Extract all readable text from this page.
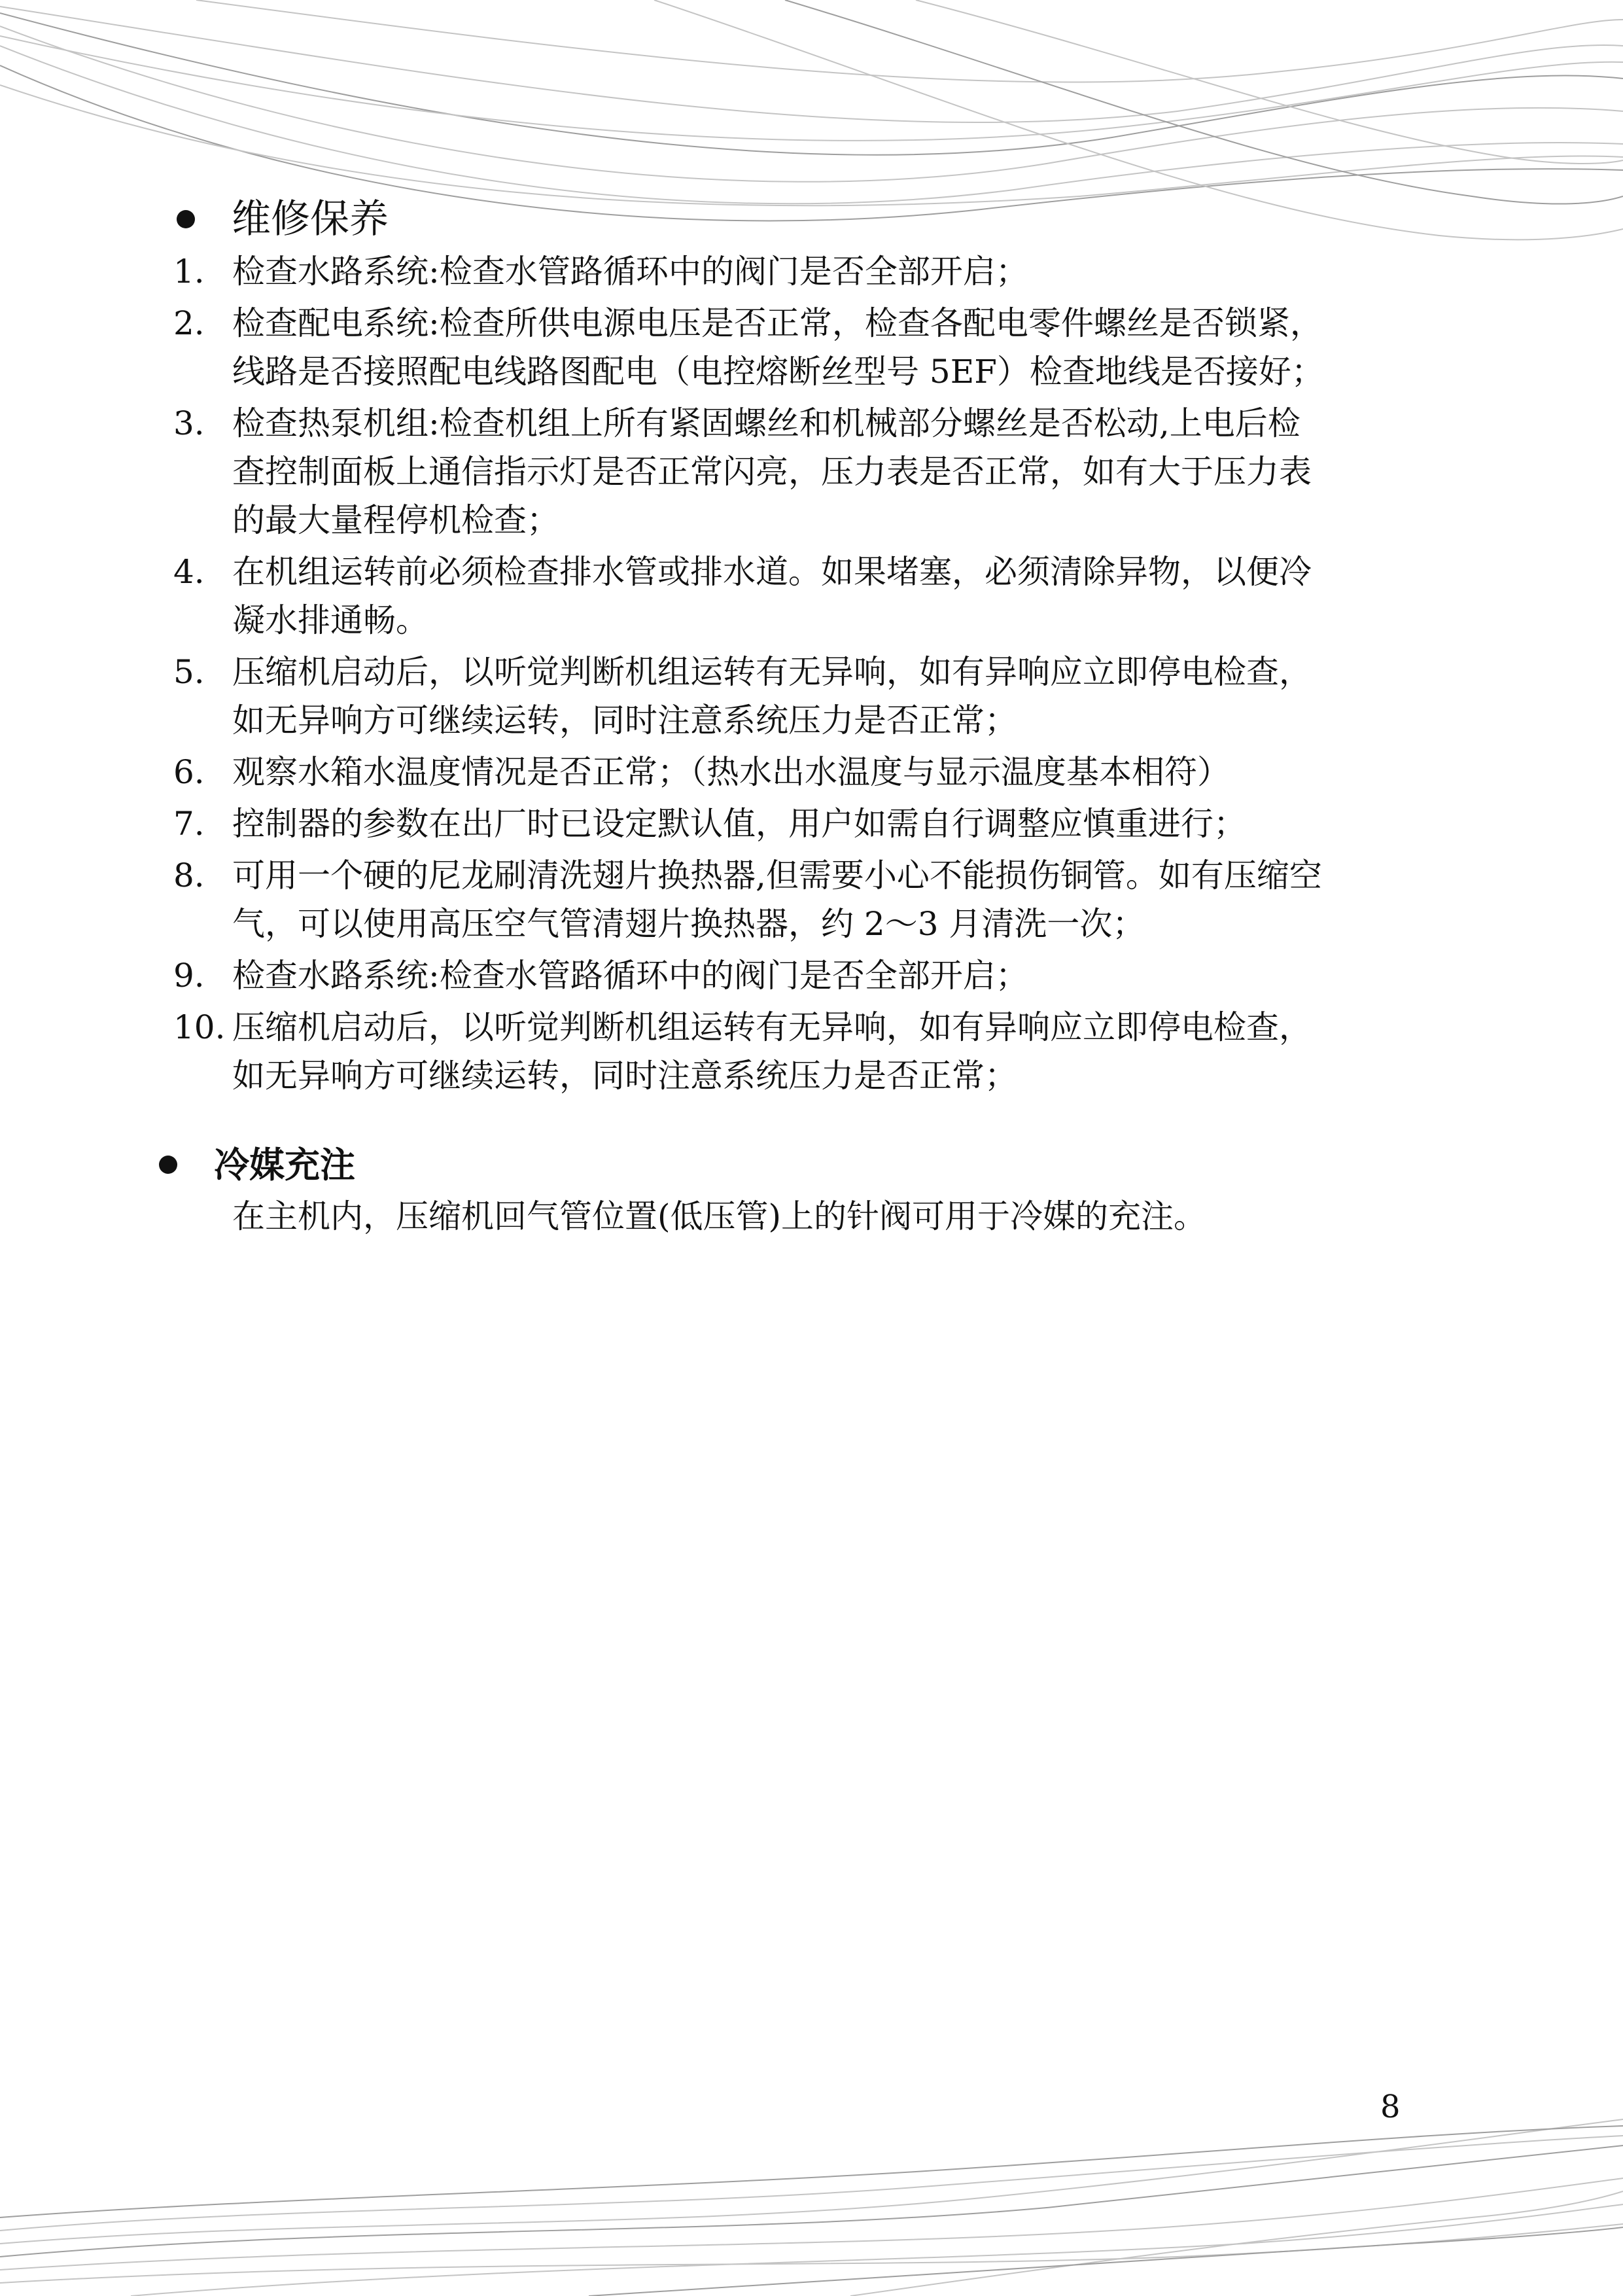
维修保养
1. 检查水路系统:检查水管路循环中的阀门是否全部开启；
2. 检查配电系统:检查所供电源电压是否正常，检查各配电零件螺丝是否锁紧，
线路是否接照配电线路图配电（电控熔断丝型号 5EF）检查地线是否接好；
3. 检查热泵机组:检查机组上所有紧固螺丝和机械部分螺丝是否松动,上电后检
查控制面板上通信指示灯是否正常闪亮，压力表是否正常，如有大于压力表
的最大量程停机检查；
4. 在机组运转前必须检查排水管或排水道。如果堵塞，必须清除异物，以便冷
凝水排通畅。
5. 压缩机启动后，以听觉判断机组运转有无异响，如有异响应立即停电检查，
如无异响方可继续运转，同时注意系统压力是否正常；
6. 观察水箱水温度情况是否正常；（热水出水温度与显示温度基本相符）
7. 控制器的参数在出厂时已设定默认值，用户如需自行调整应慎重进行；
8. 可用一个硬的尼龙刷清洗翅片换热器,但需要小心不能损伤铜管。如有压缩空
气，可以使用高压空气管清翅片换热器，约 2～3 月清洗一次；
9. 检查水路系统:检查水管路循环中的阀门是否全部开启；
10. 压缩机启动后，以听觉判断机组运转有无异响，如有异响应立即停电检查，
如无异响方可继续运转，同时注意系统压力是否正常；
冷媒充注
在主机内，压缩机回气管位置(低压管)上的针阀可用于冷媒的充注。
8
